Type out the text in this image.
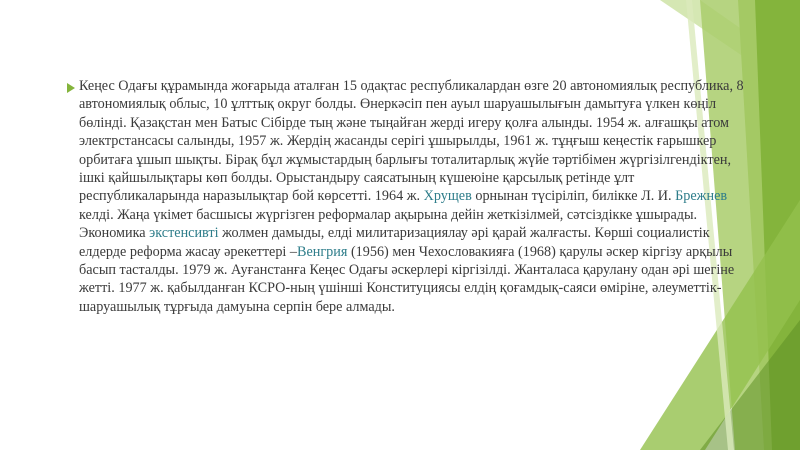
Кеңес Одағы құрамында жоғарыда аталған 15 одақтас республикалардан өзге 20 автономиялық республика, 8 автономиялық облыс, 10 ұлттық округ болды. Өнеркәсіп пен ауыл шаруашылығын дамытуға үлкен көңіл бөлінді. Қазақстан мен Батыс Сібірде тың және тыңайған жерді игеру қолға алынды. 1954 ж. алғашқы атом электрстансасы салынды, 1957 ж. Жердің жасанды серігі ұшырылды, 1961 ж. тұңғыш кеңестік ғарышкер орбитаға ұшып шықты. Бірақ бұл жұмыстардың барлығы тоталитарлық жүйе тәртібімен жүргізілгендіктен, ішкі қайшылықтары көп болды. Орыстандыру саясатының күшеюіне қарсылық ретінде ұлт республикаларында наразылықтар бой көрсетті. 1964 ж. Хрущев орнынан түсіріліп, билікке Л. И. Брежнев келді. Жаңа үкімет басшысы жүргізген реформалар ақырына дейін жеткізілмей, сәтсіздікке ұшырады. Экономика экстенсивті жолмен дамыды, елді милитаризациялау әрі қарай жалғасты. Көрші социалистік елдерде реформа жасау әрекеттері –Венгрия (1956) мен Чехословакияға (1968) қарулы әскер кіргізу арқылы басып тасталды. 1979 ж. Ауғанстанға Кеңес Одағы әскерлері кіргізілді. Жанталаса қарулану одан әрі шегіне жетті. 1977 ж. қабылданған КСРО-ның үшінші Конституциясы елдің қоғамдық-саяси өміріне, әлеуметтік-шаруашылық тұрғыда дамуына серпін бере алмады.
